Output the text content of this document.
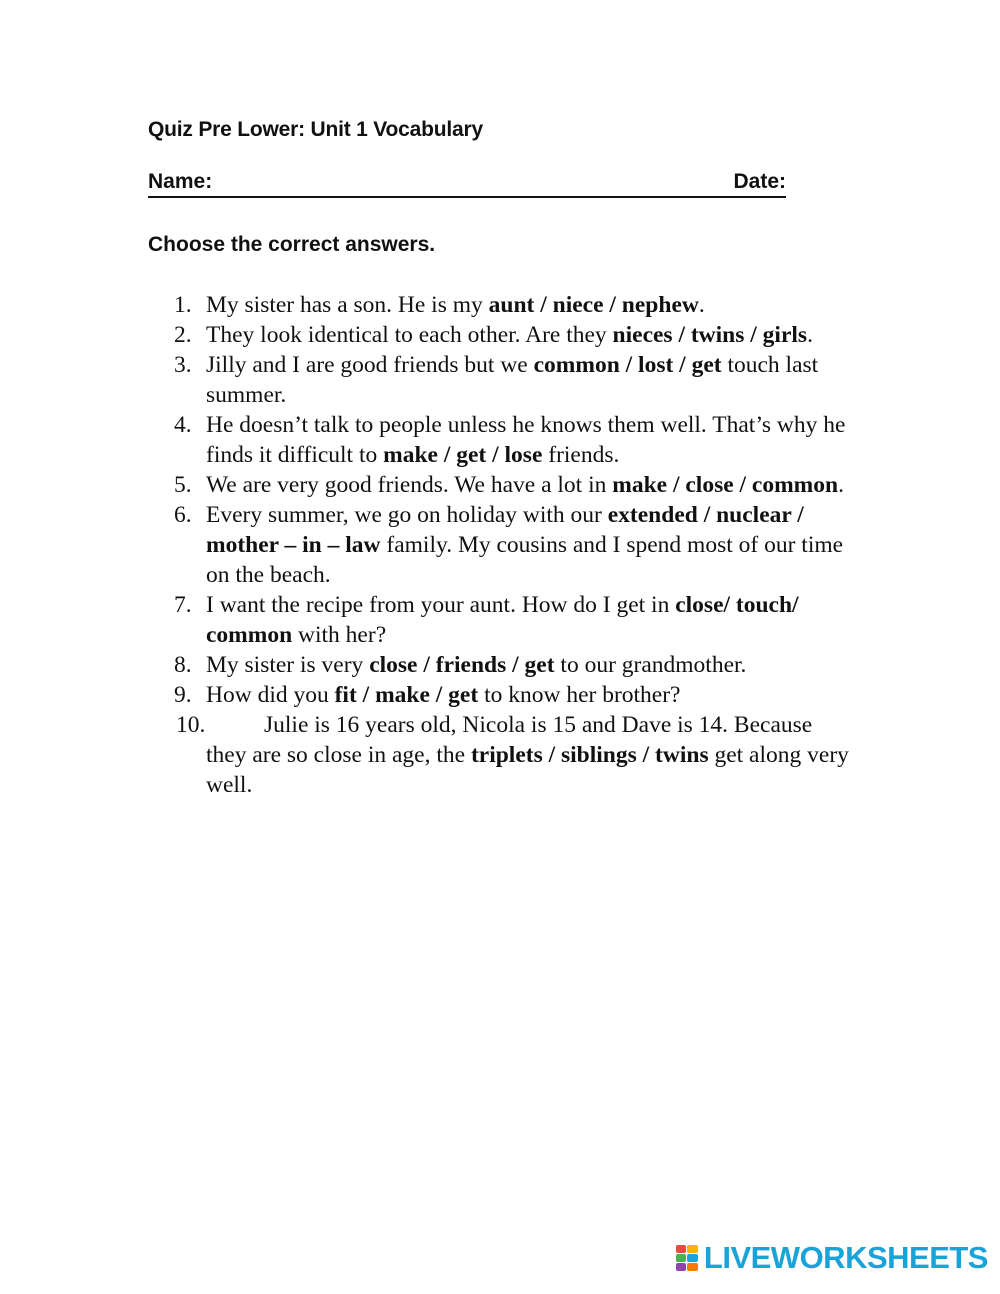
Quiz Pre Lower: Unit 1 Vocabulary
Name:	Date:
Choose the correct answers.
1. My sister has a son. He is my aunt / niece / nephew.
2. They look identical to each other. Are they nieces / twins / girls.
3. Jilly and I are good friends but we common / lost / get touch last summer.
4. He doesn’t talk to people unless he knows them well. That’s why he finds it difficult to make / get / lose friends.
5. We are very good friends. We have a lot in make / close / common.
6. Every summer, we go on holiday with our extended / nuclear / mother – in – law family. My cousins and I spend most of our time on the beach.
7. I want the recipe from your aunt. How do I get in close/ touch/ common with her?
8. My sister is very close / friends / get to our grandmother.
9. How did you fit / make / get to know her brother?
10. Julie is 16 years old, Nicola is 15 and Dave is 14. Because they are so close in age, the triplets / siblings / twins get along very well.
LIVEWORKSHEETS
